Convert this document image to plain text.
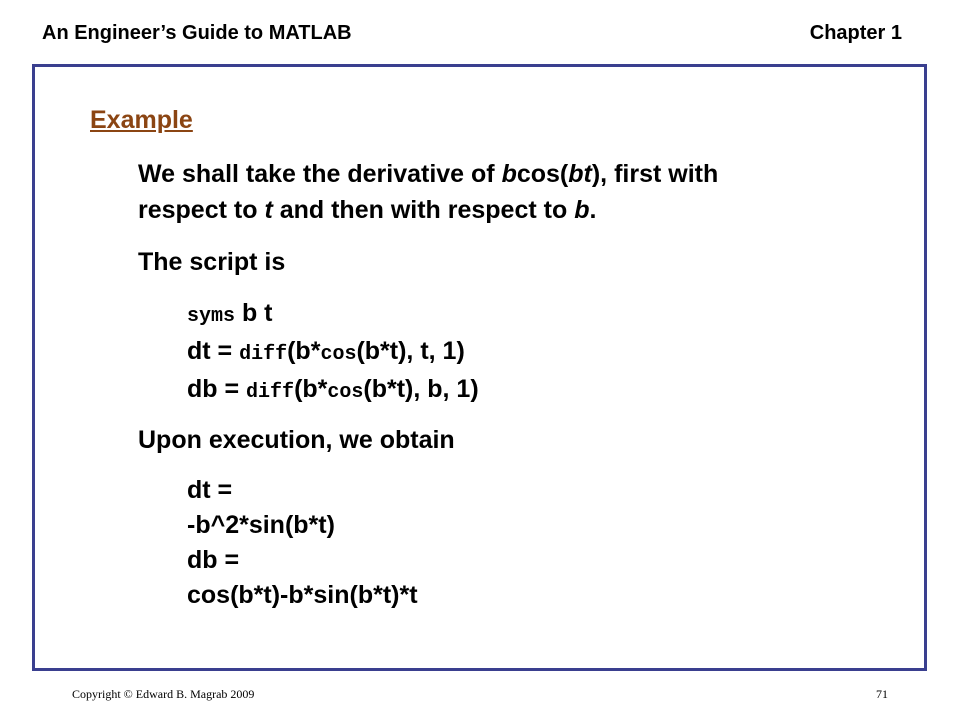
An Engineer’s Guide to MATLAB	Chapter 1
Example
We shall take the derivative of bcos(bt), first with
respect to t and then with respect to b.
The script is
syms b t
dt = diff(b*cos(b*t), t, 1)
db = diff(b*cos(b*t), b, 1)
Upon execution, we obtain
dt =
-b^2*sin(b*t)
db =
cos(b*t)-b*sin(b*t)*t
Copyright © Edward B. Magrab 2009	71
